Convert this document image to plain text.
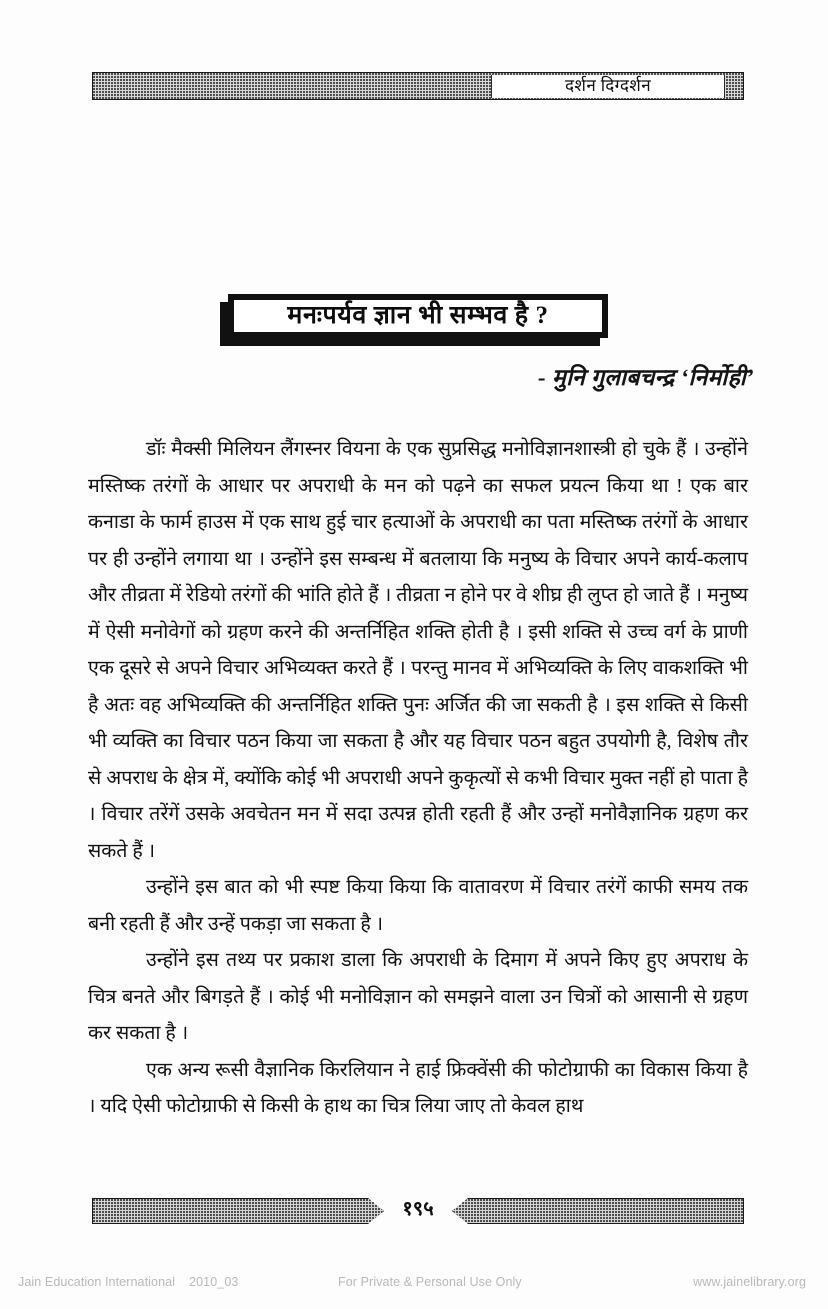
दर्शन दिग्दर्शन
मनःपर्यव ज्ञान भी सम्भव है ?
- मुनि गुलाबचन्द्र ‘निर्मोही’

डॉः मैक्सी मिलियन लैंगस्नर वियना के एक सुप्रसिद्ध मनोविज्ञानशास्त्री हो चुके हैं । उन्होंने मस्तिष्क तरंगों के आधार पर अपराधी के मन को पढ़ने का सफल प्रयत्न किया था ! एक बार कनाडा के फार्म हाउस में एक साथ हुई चार हत्याओं के अपराधी का पता मस्तिष्क तरंगों के आधार पर ही उन्होंने लगाया था । उन्होंने इस सम्बन्ध में बतलाया कि मनुष्य के विचार अपने कार्य-कलाप और तीव्रता में रेडियो तरंगों की भांति होते हैं । तीव्रता न होने पर वे शीघ्र ही लुप्त हो जाते हैं । मनुष्य में ऐसी मनोवेगों को ग्रहण करने की अन्तर्निहित शक्ति होती है । इसी शक्ति से उच्च वर्ग के प्राणी एक दूसरे से अपने विचार अभिव्यक्त करते हैं । परन्तु मानव में अभिव्यक्ति के लिए वाकशक्ति भी है अतः वह अभिव्यक्ति की अन्तर्निहित शक्ति पुनः अर्जित की जा सकती है । इस शक्ति से किसी भी व्यक्ति का विचार पठन किया जा सकता है और यह विचार पठन बहुत उपयोगी है, विशेष तौर से अपराध के क्षेत्र में, क्योंकि कोई भी अपराधी अपने कुकृत्यों से कभी विचार मुक्त नहीं हो पाता है । विचार तरेंगें उसके अवचेतन मन में सदा उत्पन्न होती रहती हैं और उन्हों मनोवैज्ञानिक ग्रहण कर सकते हैं ।

उन्होंने इस बात को भी स्पष्ट किया किया कि वातावरण में विचार तरंगें काफी समय तक बनी रहती हैं और उन्हें पकड़ा जा सकता है ।

उन्होंने इस तथ्य पर प्रकाश डाला कि अपराधी के दिमाग में अपने किए हुए अपराध के चित्र बनते और बिगड़ते हैं । कोई भी मनोविज्ञान को समझने वाला उन चित्रों को आसानी से ग्रहण कर सकता है ।

एक अन्य रूसी वैज्ञानिक किरलियान ने हाई फ्रिक्वेंसी की फोटोग्राफी का विकास किया है । यदि ऐसी फोटोग्राफी से किसी के हाथ का चित्र लिया जाए तो केवल हाथ

१९५
Jain Education International 2010_03	For Private & Personal Use Only	www.jainelibrary.org
